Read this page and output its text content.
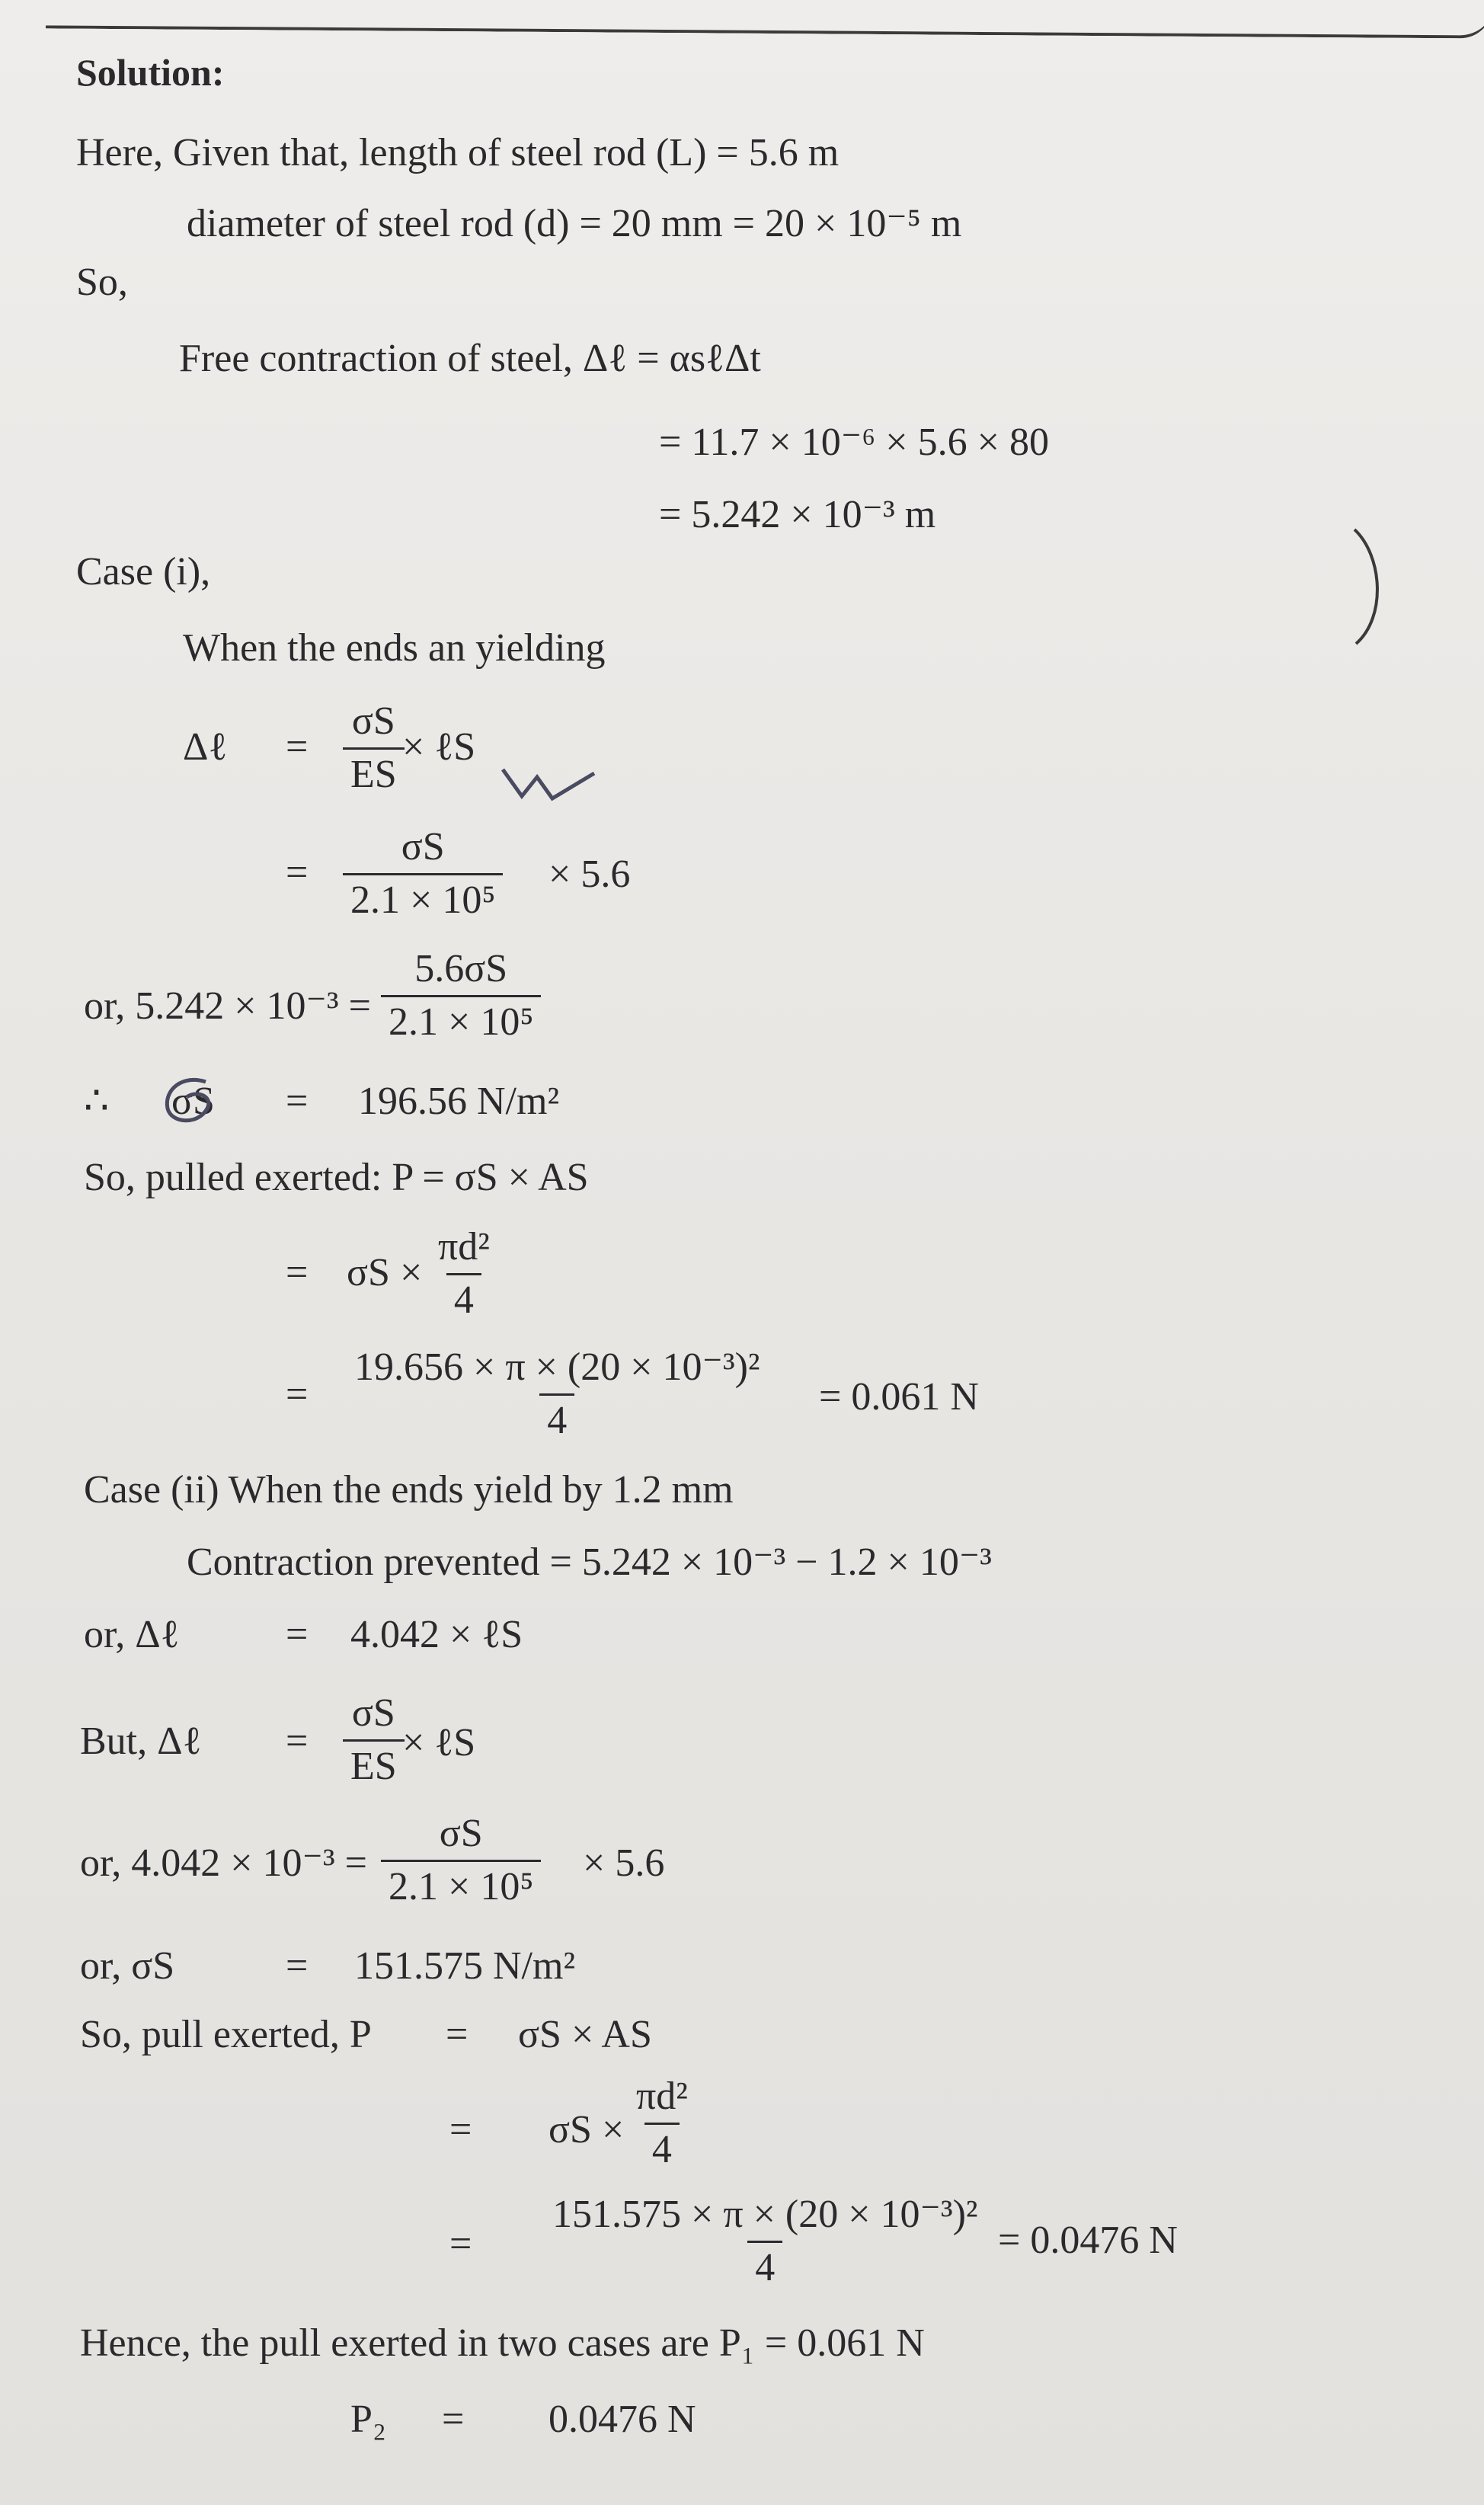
Solution:
Here, Given that, length of steel rod (L) = 5.6 m
diameter of steel rod (d) = 20 mm = 20 × 10⁻⁵ m
So,
Free contraction of steel, Δℓ = αsℓΔt
= 11.7 × 10⁻⁶ × 5.6 × 80
= 5.242 × 10⁻³ m
Case (i),
When the ends an yielding
Δℓ = $\frac{\sigma S}{ES}$
× ℓS
= $\frac{\sigma S}{\text{2.1 × 10⁵}} \times 5.6$
or, $5.242 \times 10^{-3} = \frac{5.6\sigma S}{\text{2.1 × 10⁵}}$
∴ σS = 196.56 N/m²
So, pulled exerted: P = σS × AS
= $\sigma S \times \frac{\text{πd²}}{4}$
= $\frac{\text{19.656 × π × (20 × 10⁻³)²}}{4} = 0.061$ N
Case (ii) When the ends yield by 1.2 mm
Contraction prevented = 5.242 × 10⁻³ − 1.2 × 10⁻³
or, Δℓ	= 4.042 × ℓS
But, Δℓ = $\frac{\sigma S}{ES}$
× ℓS
or, $4.042 \times 10^{-3} = \frac{\sigma S}{\text{2.1 × 10⁵}} \times 5.6$
or, σS	= 151.575 N/m²
So, pull exerted, P = σS × AS
= $\sigma S \times \frac{\text{πd²}}{4}$
= $\frac{\text{151.575 × π × (20 × 10⁻³)²}}{4} = 0.0476$ N
Hence, the pull exerted in two cases are P₁ = 0.061 N
P₂ = 0.0476 N
